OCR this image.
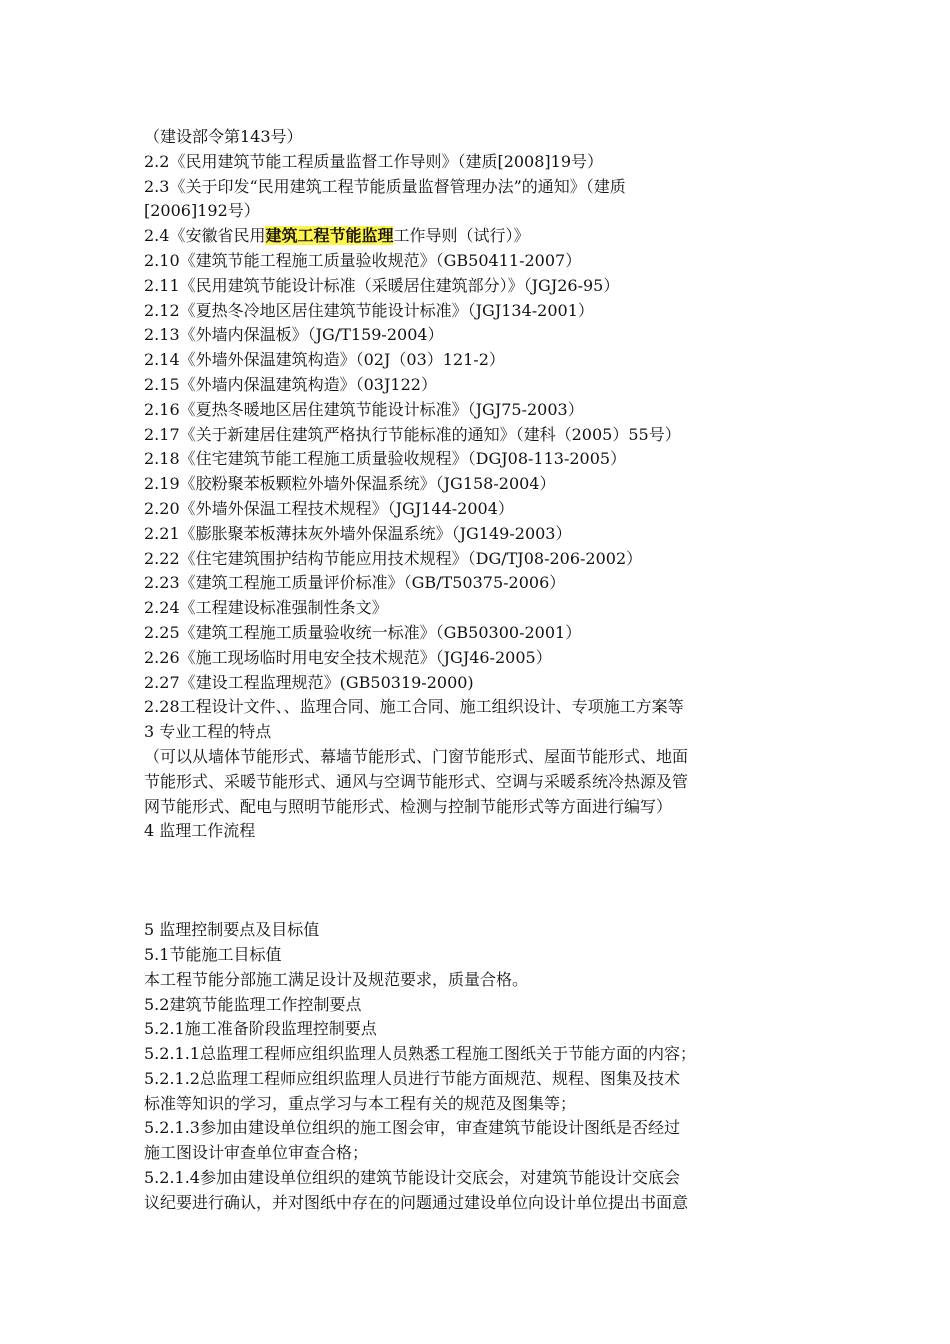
（建设部令第143号）
2.2《民用建筑节能工程质量监督工作导则》（建质[2008]19号）
2.3《关于印发“民用建筑工程节能质量监督管理办法”的通知》（建质
[2006]192号）
2.4《安徽省民用建筑工程节能监理工作导则（试行）》
2.10《建筑节能工程施工质量验收规范》（GB50411-2007）
2.11《民用建筑节能设计标准（采暖居住建筑部分）》（JGJ26-95）
2.12《夏热冬冷地区居住建筑节能设计标准》（JGJ134-2001）
2.13《外墙内保温板》（JG/T159-2004）
2.14《外墙外保温建筑构造》（02J（03）121-2）
2.15《外墙内保温建筑构造》（03J122）
2.16《夏热冬暖地区居住建筑节能设计标准》（JGJ75-2003）
2.17《关于新建居住建筑严格执行节能标准的通知》（建科（2005）55号）
2.18《住宅建筑节能工程施工质量验收规程》（DGJ08-113-2005）
2.19《胶粉聚苯板颗粒外墙外保温系统》（JG158-2004）
2.20《外墙外保温工程技术规程》（JGJ144-2004）
2.21《膨胀聚苯板薄抹灰外墙外保温系统》（JG149-2003）
2.22《住宅建筑围护结构节能应用技术规程》（DG/TJ08-206-2002）
2.23《建筑工程施工质量评价标准》（GB/T50375-2006）
2.24《工程建设标准强制性条文》
2.25《建筑工程施工质量验收统一标准》（GB50300-2001）
2.26《施工现场临时用电安全技术规范》（JGJ46-2005）
2.27《建设工程监理规范》(GB50319-2000)
2.28工程设计文件、、监理合同、施工合同、施工组织设计、专项施工方案等
3 专业工程的特点
（可以从墙体节能形式、幕墙节能形式、门窗节能形式、屋面节能形式、地面
节能形式、采暖节能形式、通风与空调节能形式、空调与采暖系统冷热源及管
网节能形式、配电与照明节能形式、检测与控制节能形式等方面进行编写）
4 监理工作流程
5 监理控制要点及目标值
5.1节能施工目标值
本工程节能分部施工满足设计及规范要求，质量合格。
5.2建筑节能监理工作控制要点
5.2.1施工准备阶段监理控制要点
5.2.1.1总监理工程师应组织监理人员熟悉工程施工图纸关于节能方面的内容；
5.2.1.2总监理工程师应组织监理人员进行节能方面规范、规程、图集及技术
标准等知识的学习，重点学习与本工程有关的规范及图集等；
5.2.1.3参加由建设单位组织的施工图会审，审查建筑节能设计图纸是否经过
施工图设计审查单位审查合格；
5.2.1.4参加由建设单位组织的建筑节能设计交底会，对建筑节能设计交底会
议纪要进行确认，并对图纸中存在的问题通过建设单位向设计单位提出书面意
